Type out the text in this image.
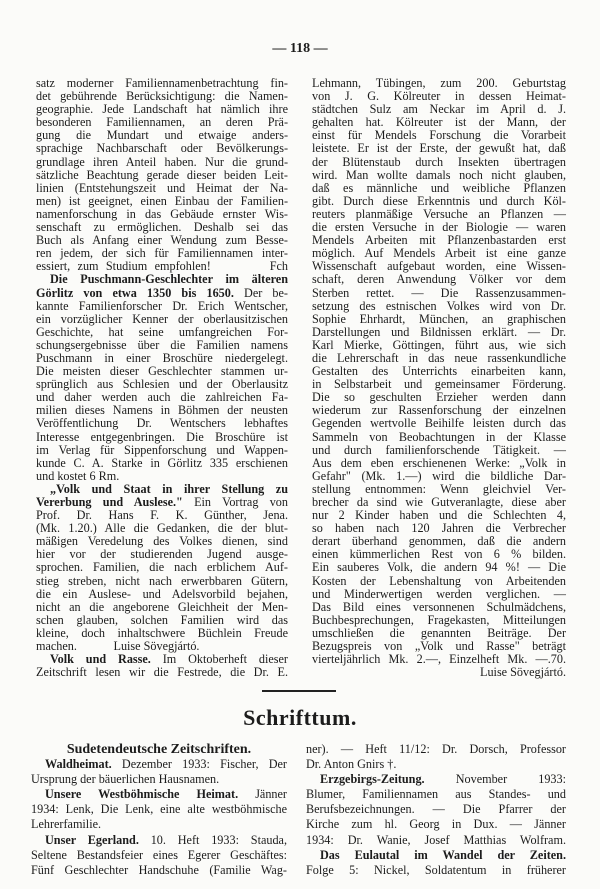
— 118 —
satz moderner Familiennamenbetrachtung fin-
det gebührende Berücksichtigung: die Namen-
geographie. Jede Landschaft hat nämlich ihre
besonderen Familiennamen, an deren Prä-
gung die Mundart und etwaige anders-
sprachige Nachbarschaft oder Bevölkerungs-
grundlage ihren Anteil haben. Nur die grund-
sätzliche Beachtung gerade dieser beiden Leit-
linien (Entstehungszeit und Heimat der Na-
men) ist geeignet, einen Einbau der Familien-
namenforschung in das Gebäude ernster Wis-
senschaft zu ermöglichen. Deshalb sei das
Buch als Anfang einer Wendung zum Besse-
ren jedem, der sich für Familiennamen inter-
essiert, zum Studium empfohlen!        Fch
Die Puschmann-Geschlechter im älteren
Görlitz von etwa 1350 bis 1650. Der be-
kannte Familienforscher Dr. Erich Wentscher,
ein vorzüglicher Kenner der oberlausitzischen
Geschichte, hat seine umfangreichen For-
schungsergebnisse über die Familien namens
Puschmann in einer Broschüre niedergelegt.
Die meisten dieser Geschlechter stammen ur-
sprünglich aus Schlesien und der Oberlausitz
und daher werden auch die zahlreichen Fa-
milien dieses Namens in Böhmen der neusten
Veröffentlichung Dr. Wentschers lebhaftes
Interesse entgegenbringen. Die Broschüre ist
im Verlag für Sippenforschung und Wappen-
kunde C. A. Starke in Görlitz 335 erschienen
und kostet 6 Rm.
„Volk und Staat in ihrer Stellung zu
Vererbung und Auslese." Ein Vortrag von
Prof. Dr. Hans F. K. Günther, Jena.
(Mk. 1.20.) Alle die Gedanken, die der blut-
mäßigen Veredelung des Volkes dienen, sind
hier vor der studierenden Jugend ausge-
sprochen. Familien, die nach erblichem Auf-
stieg streben, nicht nach erwerbbaren Gütern,
die ein Auslese- und Adelsvorbild bejahen,
nicht an die angeborene Gleichheit der Men-
schen glauben, solchen Familien wird das
kleine, doch inhaltschwere Büchlein Freude
machen.            Luise Sövegjártó.
Volk und Rasse. Im Oktoberheft dieser
Zeitschrift lesen wir die Festrede, die Dr. E.
Lehmann, Tübingen, zum 200. Geburtstag
von J. G. Kölreuter in dessen Heimat-
städtchen Sulz am Neckar im April d. J.
gehalten hat. Kölreuter ist der Mann, der
einst für Mendels Forschung die Vorarbeit
leistete. Er ist der Erste, der gewußt hat, daß
der Blütenstaub durch Insekten übertragen
wird. Man wollte damals noch nicht glauben,
daß es männliche und weibliche Pflanzen
gibt. Durch diese Erkenntnis und durch Köl-
reuters planmäßige Versuche an Pflanzen —
die ersten Versuche in der Biologie — waren
Mendels Arbeiten mit Pflanzenbastarden erst
möglich. Auf Mendels Arbeit ist eine ganze
Wissenschaft aufgebaut worden, eine Wissen-
schaft, deren Anwendung Völker vor dem
Sterben rettet. — Die Rassenzusammen-
setzung des estnischen Volkes wird von Dr.
Sophie Ehrhardt, München, an graphischen
Darstellungen und Bildnissen erklärt. — Dr.
Karl Mierke, Göttingen, führt aus, wie sich
die Lehrerschaft in das neue rassenkundliche
Gestalten des Unterrichts einarbeiten kann,
in Selbstarbeit und gemeinsamer Förderung.
Die so geschulten Erzieher werden dann
wiederum zur Rassenforschung der einzelnen
Gegenden wertvolle Beihilfe leisten durch das
Sammeln von Beobachtungen in der Klasse
und durch familienforschende Tätigkeit. —
Aus dem eben erschienenen Werke: „Volk in
Gefahr" (Mk. 1.—) wird die bildliche Dar-
stellung entnommen: Wenn gleichviel Ver-
brecher da sind wie Gutveranlagte, diese aber
nur 2 Kinder haben und die Schlechten 4,
so haben nach 120 Jahren die Verbrecher
derart überhand genommen, daß die andern
einen kümmerlichen Rest von 6 % bilden.
Ein sauberes Volk, die andern 94 %! — Die
Kosten der Lebenshaltung von Arbeitenden
und Minderwertigen werden verglichen. —
Das Bild eines versonnenen Schulmädchens,
Buchbesprechungen, Fragekasten, Mitteilungen
umschließen die genannten Beiträge. Der
Bezugspreis von „Volk und Rasse" beträgt
vierteljährlich Mk. 2.—, Einzelheft Mk. —.70.
Luise Sövegjártó.
Schrifttum.
Sudetendeutsche Zeitschriften.
Waldheimat. Dezember 1933: Fischer, Der
Ursprung der bäuerlichen Hausnamen.
Unsere Westböhmische Heimat. Jänner
1934: Lenk, Die Lenk, eine alte westböhmische
Lehrerfamilie.
Unser Egerland. 10. Heft 1933: Stauda,
Seltene Bestandsfeier eines Egerer Geschäftes:
Fünf Geschlechter Handschuhe (Familie Wag-
ner). — Heft 11/12: Dr. Dorsch, Professor
Dr. Anton Gnirs †.
Erzgebirgs-Zeitung. November 1933:
Blumer, Familiennamen aus Standes- und
Berufsbezeichnungen. — Die Pfarrer der
Kirche zum hl. Georg in Dux. — Jänner
1934: Dr. Wanie, Josef Matthias Wolfram.
Das Eulautal im Wandel der Zeiten.
Folge 5: Nickel, Soldatentum in früherer
